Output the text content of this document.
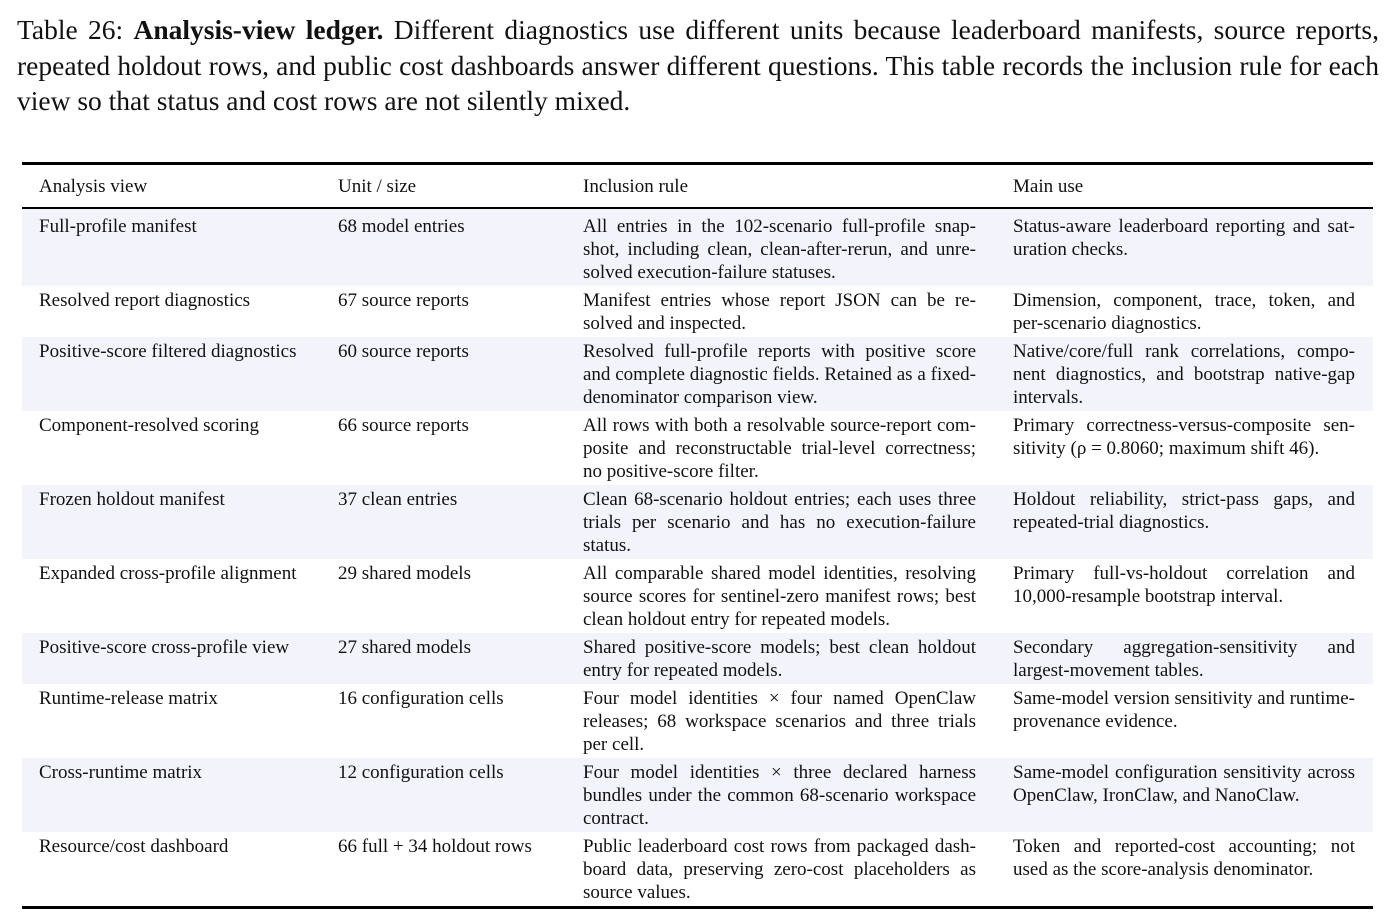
Table 26: Analysis-view ledger. Different diagnostics use different units because leaderboard manifests, source reports, repeated holdout rows, and public cost dashboards answer different questions. This table records the inclusion rule for each view so that status and cost rows are not silently mixed.
Analysis view	Unit / size	Inclusion rule	Main use

Full-profile manifest	68 model entries	All entries in the 102-scenario full-profile snapshot, including clean, clean-after-rerun, and unresolved execution-failure statuses.	Status-aware leaderboard reporting and saturation checks.
Resolved report diagnostics	67 source reports	Manifest entries whose report JSON can be resolved and inspected.	Dimension, component, trace, token, and per-scenario diagnostics.
Positive-score filtered diagnostics	60 source reports	Resolved full-profile reports with positive score and complete diagnostic fields. Retained as a fixed-denominator comparison view.	Native/core/full rank correlations, component diagnostics, and bootstrap native-gap intervals.
Component-resolved scoring	66 source reports	All rows with both a resolvable source-report composite and reconstructable trial-level correctness; no positive-score filter.	Primary correctness-versus-composite sensitivity (ρ = 0.8060; maximum shift 46).
Frozen holdout manifest	37 clean entries	Clean 68-scenario holdout entries; each uses three trials per scenario and has no execution-failure status.	Holdout reliability, strict-pass gaps, and repeated-trial diagnostics.
Expanded cross-profile alignment	29 shared models	All comparable shared model identities, resolving source scores for sentinel-zero manifest rows; best clean holdout entry for repeated models.	Primary full-vs-holdout correlation and 10,000-resample bootstrap interval.
Positive-score cross-profile view	27 shared models	Shared positive-score models; best clean holdout entry for repeated models.	Secondary aggregation-sensitivity and largest-movement tables.
Runtime-release matrix	16 configuration cells	Four model identities × four named OpenClaw releases; 68 workspace scenarios and three trials per cell.	Same-model version sensitivity and runtime-provenance evidence.
Cross-runtime matrix	12 configuration cells	Four model identities × three declared harness bundles under the common 68-scenario workspace contract.	Same-model configuration sensitivity across OpenClaw, IronClaw, and NanoClaw.
Resource/cost dashboard	66 full + 34 holdout rows	Public leaderboard cost rows from packaged dashboard data, preserving zero-cost placeholders as source values.	Token and reported-cost accounting; not used as the score-analysis denominator.
